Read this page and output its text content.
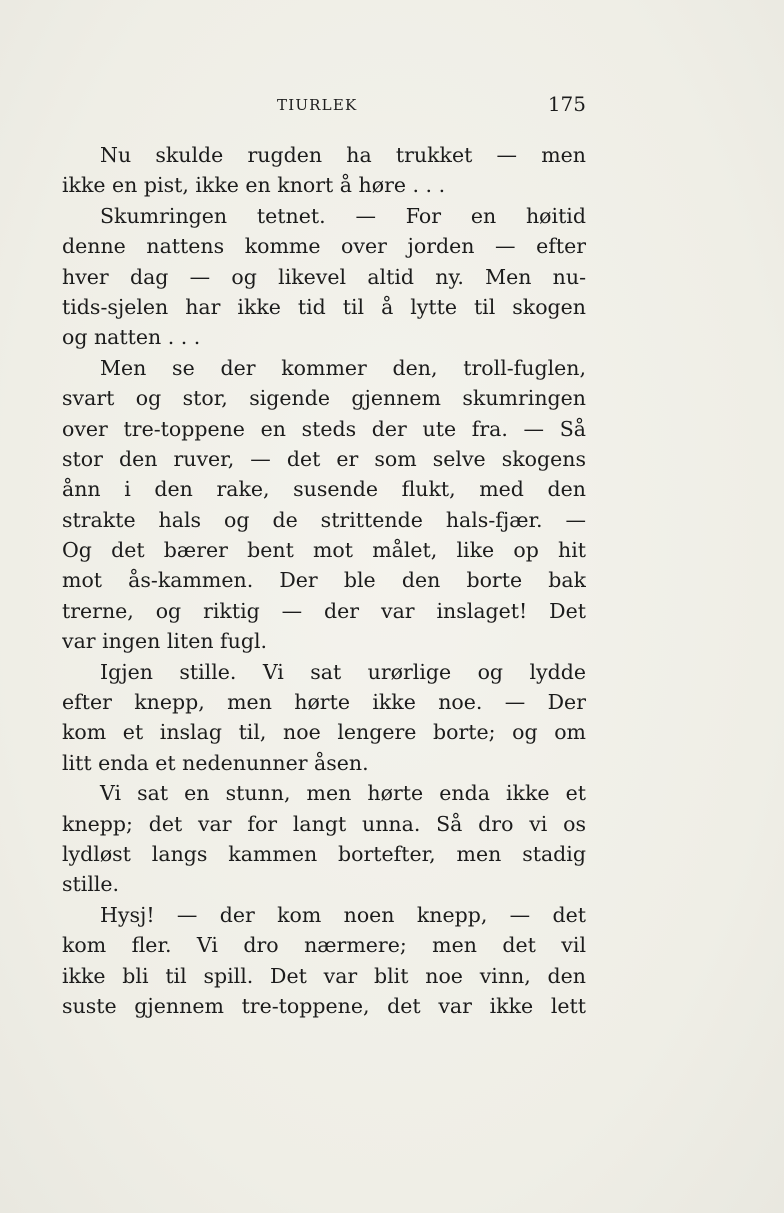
TIURLEK	175
Nu skulde rugden ha trukket — men
ikke en pist, ikke en knort å høre . . .
Skumringen tetnet. — For en høitid
denne nattens komme over jorden — efter
hver dag — og likevel altid ny. Men nu-
tids-sjelen har ikke tid til å lytte til skogen
og natten . . .
Men se der kommer den, troll-fuglen,
svart og stor, sigende gjennem skumringen
over tre-toppene en steds der ute fra. — Så
stor den ruver, — det er som selve skogens
ånn i den rake, susende flukt, med den
strakte hals og de strittende hals-fjær. —
Og det bærer bent mot målet, like op hit
mot ås-kammen. Der ble den borte bak
trerne, og riktig — der var inslaget! Det
var ingen liten fugl.
Igjen stille. Vi sat urørlige og lydde
efter knepp, men hørte ikke noe. — Der
kom et inslag til, noe lengere borte; og om
litt enda et nedenunner åsen.
Vi sat en stunn, men hørte enda ikke et
knepp; det var for langt unna. Så dro vi os
lydløst langs kammen bortefter, men stadig
stille.
Hysj! — der kom noen knepp, — det
kom fler. Vi dro nærmere; men det vil
ikke bli til spill. Det var blit noe vinn, den
suste gjennem tre-toppene, det var ikke lett
